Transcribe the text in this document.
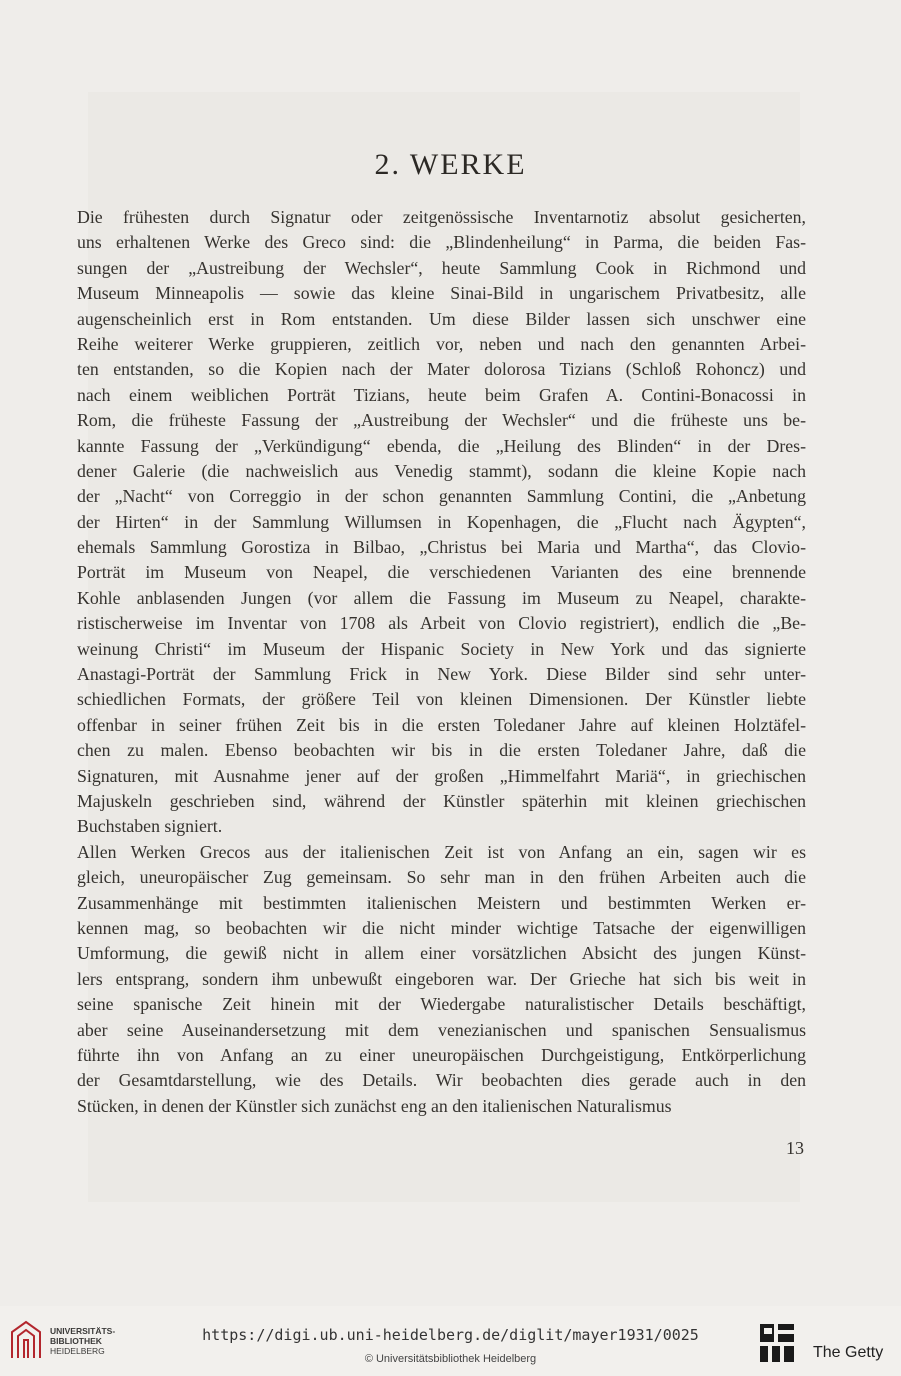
2. WERKE
Die frühesten durch Signatur oder zeitgenössische Inventarnotiz absolut gesicherten,
uns erhaltenen Werke des Greco sind: die „Blindenheilung“ in Parma, die beiden Fas-
sungen der „Austreibung der Wechsler“, heute Sammlung Cook in Richmond und
Museum Minneapolis — sowie das kleine Sinai-Bild in ungarischem Privatbesitz, alle
augenscheinlich erst in Rom entstanden. Um diese Bilder lassen sich unschwer eine
Reihe weiterer Werke gruppieren, zeitlich vor, neben und nach den genannten Arbei-
ten entstanden, so die Kopien nach der Mater dolorosa Tizians (Schloß Rohoncz) und
nach einem weiblichen Porträt Tizians, heute beim Grafen A. Contini-Bonacossi in
Rom, die früheste Fassung der „Austreibung der Wechsler“ und die früheste uns be-
kannte Fassung der „Verkündigung“ ebenda, die „Heilung des Blinden“ in der Dres-
dener Galerie (die nachweislich aus Venedig stammt), sodann die kleine Kopie nach
der „Nacht“ von Correggio in der schon genannten Sammlung Contini, die „Anbetung
der Hirten“ in der Sammlung Willumsen in Kopenhagen, die „Flucht nach Ägypten“,
ehemals Sammlung Gorostiza in Bilbao, „Christus bei Maria und Martha“, das Clovio-
Porträt im Museum von Neapel, die verschiedenen Varianten des eine brennende
Kohle anblasenden Jungen (vor allem die Fassung im Museum zu Neapel, charakte-
ristischerweise im Inventar von 1708 als Arbeit von Clovio registriert), endlich die „Be-
weinung Christi“ im Museum der Hispanic Society in New York und das signierte
Anastagi-Porträt der Sammlung Frick in New York. Diese Bilder sind sehr unter-
schiedlichen Formats, der größere Teil von kleinen Dimensionen. Der Künstler liebte
offenbar in seiner frühen Zeit bis in die ersten Toledaner Jahre auf kleinen Holztäfel-
chen zu malen. Ebenso beobachten wir bis in die ersten Toledaner Jahre, daß die
Signaturen, mit Ausnahme jener auf der großen „Himmelfahrt Mariä“, in griechischen
Majuskeln geschrieben sind, während der Künstler späterhin mit kleinen griechischen
Buchstaben signiert.
Allen Werken Grecos aus der italienischen Zeit ist von Anfang an ein, sagen wir es
gleich, uneuropäischer Zug gemeinsam. So sehr man in den frühen Arbeiten auch die
Zusammenhänge mit bestimmten italienischen Meistern und bestimmten Werken er-
kennen mag, so beobachten wir die nicht minder wichtige Tatsache der eigenwilligen
Umformung, die gewiß nicht in allem einer vorsätzlichen Absicht des jungen Künst-
lers entsprang, sondern ihm unbewußt eingeboren war. Der Grieche hat sich bis weit in
seine spanische Zeit hinein mit der Wiedergabe naturalistischer Details beschäftigt,
aber seine Auseinandersetzung mit dem venezianischen und spanischen Sensualismus
führte ihn von Anfang an zu einer uneuropäischen Durchgeistigung, Entkörperlichung
der Gesamtdarstellung, wie des Details. Wir beobachten dies gerade auch in den
Stücken, in denen der Künstler sich zunächst eng an den italienischen Naturalismus
13
UNIVERSITÄTS-
BIBLIOTHEK
HEIDELBERG
https://digi.ub.uni-heidelberg.de/diglit/mayer1931/0025
© Universitätsbibliothek Heidelberg	The Getty
